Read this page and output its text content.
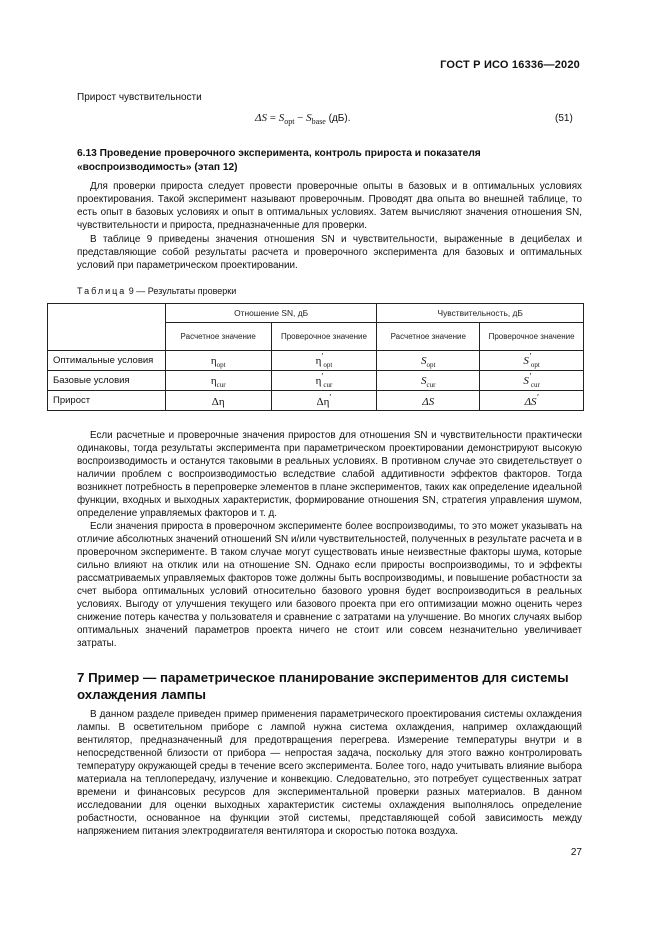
ГОСТ Р ИСО 16336—2020
Прирост чувствительности
$\Delta S = S_{opt} - S_{base}$ (дБ).	(51)
6.13 Проведение проверочного эксперимента, контроль прироста и показателя
«воспроизводимость» (этап 12)

Для проверки прироста следует провести проверочные опыты в базовых и в оптимальных условиях проектирования. Такой эксперимент называют проверочным. Проводят два опыта во внешней таблице, то есть опыт в базовых условиях и опыт в оптимальных условиях. Затем вычисляют значения отношения SN, чувствительности и прироста, предназначенные для проверки.

В таблице 9 приведены значения отношения SN и чувствительности, выраженные в децибелах и представляющие собой результаты расчета и проверочного эксперимента для базовых и оптимальных условий при параметрическом проектировании.

Таблица 9 — Результаты проверки
	Отношение SN, дБ		Чувствительность, дБ	
	Расчетное значение	Проверочное значение	Расчетное значение	Проверочное значение
Оптимальные условия	$\eta_{opt}$	$\eta'_{opt}$	$S_{opt}$	$S'_{opt}$
Базовые условия	$\eta_{cur}$	$\eta'_{cur}$	$S_{cur}$	$S'_{cur}$
Прирост	Δη	Δη′	ΔS	ΔS′

Если расчетные и проверочные значения приростов для отношения SN и чувствительности практически одинаковы, тогда результаты эксперимента при параметрическом проектировании демонстрируют высокую воспроизводимость и останутся таковыми в реальных условиях. В противном случае это свидетельствует о наличии проблем с воспроизводимостью вследствие слабой аддитивности эффектов факторов. Тогда возникнет потребность в перепроверке элементов в плане экспериментов, таких как определение идеальной функции, входных и выходных характеристик, формирование отношения SN, стратегия управления шумом, определение управляемых факторов и т. д.

Если значения прироста в проверочном эксперименте более воспроизводимы, то это может указывать на отличие абсолютных значений отношений SN и/или чувствительностей, полученных в результате расчета и в проверочном эксперименте. В таком случае могут существовать иные неизвестные факторы шума, которые сильно влияют на отклик или на отношение SN. Однако если приросты воспроизводимы, то и эффекты рассматриваемых управляемых факторов тоже должны быть воспроизводимы, и повышение робастности за счет выбора оптимальных условий относительно базового уровня будет воспроизводиться в реальных условиях. Выгоду от улучшения текущего или базового проекта при его оптимизации можно оценить через снижение потерь качества у пользователя и сравнение с затратами на улучшение. Во многих случаях выбор оптимальных значений параметров проекта ничего не стоит или совсем незначительно увеличивает затраты.

7 Пример — параметрическое планирование экспериментов для системы
охлаждения лампы

В данном разделе приведен пример применения параметрического проектирования системы охлаждения лампы. В осветительном приборе с лампой нужна система охлаждения, например охлаждающий вентилятор, предназначенный для предотвращения перегрева. Измерение температуры внутри и в непосредственной близости от прибора — непростая задача, поскольку для этого важно контролировать температуру окружающей среды в течение всего эксперимента. Более того, надо учитывать влияние выбора материала на теплопередачу, излучение и конвекцию. Следовательно, это потребует существенных затрат времени и финансовых ресурсов для экспериментальной проверки разных материалов. В данном исследовании для оценки выходных характеристик системы охлаждения выполнялось определение робастности, основанное на функции этой системы, представляющей собой зависимость между напряжением питания электродвигателя вентилятора и скоростью потока воздуха.

27
